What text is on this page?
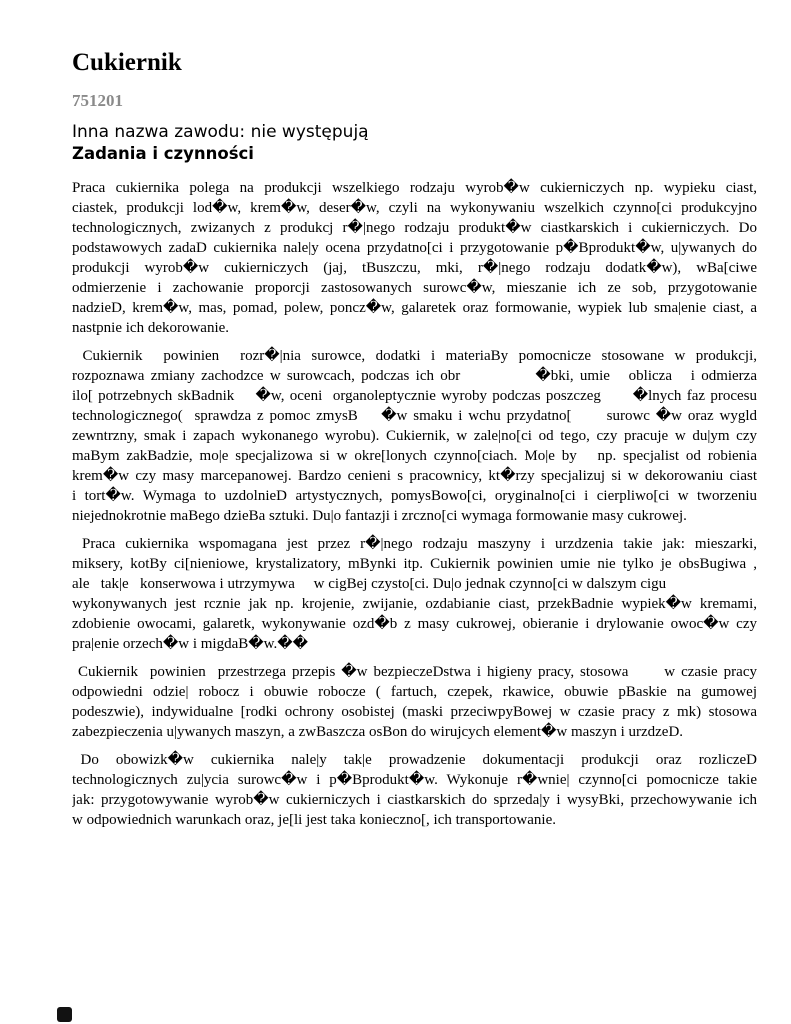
Cukiernik
751201
Inna nazwa zawodu: nie występują
Zadania i czynności
Praca cukiernika polega na produkcji wszelkiego rodzaju wyrob�w cukierniczych np. wypieku ciast,
ciastek, produkcji lod�w, krem�w, deser�w, czyli na wykonywaniu wszelkich czynno[ci produkcyjno
technologicznych, zwizanych z produkcj r�|nego rodzaju produkt�w ciastkarskich i cukierniczych. Do
podstawowych zadaD cukiernika nale|y ocena przydatno[ci i przygotowanie p�Bprodukt�w, u|ywanych do
produkcji wyrob�w cukierniczych (jaj, tBuszczu, mki, r�|nego rodzaju dodatk�w), wBa[ciwe
odmierzenie i zachowanie proporcji zastosowanych surowc�w, mieszanie ich ze sob, przygotowanie
nadzieD, krem�w, mas, pomad, polew, poncz�w, galaretek oraz formowanie, wypiek lub sma|enie ciast, a
nastpnie ich dekorowanie.
Cukiernik  powinien  rozr�|nia surowce, dodatki i materiaBy pomocnicze stosowane w produkcji,
rozpoznawa zmiany zachodzce w surowcach, podczas ich obr            �bki, umie   oblicza   i odmierza
ilo[ potrzebnych skBadnik    �w, oceni  organoleptycznie wyroby podczas poszczeg      �lnych faz procesu
technologicznego(  sprawdza z pomoc zmysB    �w smaku i wchu przydatno[      surowc �w oraz wygld
zewntrzny, smak i zapach wykonanego wyrobu). Cukiernik, w zale|no[ci od tego, czy pracuje w du|ym czy
maBym zakBadzie, mo|e specjalizowa si w okre[lonych czynno[ciach. Mo|e by   np. specjalist od robienia
krem�w czy masy marcepanowej. Bardzo cenieni s pracownicy, kt�rzy specjalizuj si w dekorowaniu ciast
i tort�w. Wymaga to uzdolnieD artystycznych, pomysBowo[ci, oryginalno[ci i cierpliwo[ci w tworzeniu
niejednokrotnie maBego dzieBa sztuki. Du|o fantazji i zrczno[ci wymaga formowanie masy cukrowej.
Praca cukiernika wspomagana jest przez r�|nego rodzaju maszyny i urzdzenia takie jak: mieszarki,
miksery, kotBy ci[nieniowe, krystalizatory, mBynki itp. Cukiernik powinien umie nie tylko je obsBugiwa ,
ale   tak|e   konserwowa i utrzymywa     w cigBej czysto[ci. Du|o jednak czynno[ci w dalszym cigu
wykonywanych jest rcznie jak np. krojenie, zwijanie, ozdabianie ciast, przekBadnie wypiek�w kremami,
zdobienie owocami, galaretk, wykonywanie ozd�b z masy cukrowej, obieranie i drylowanie owoc�w czy
pra|enie orzech�w i migdaB�w.��
Cukiernik  powinien  przestrzega przepis �w bezpieczeDstwa i higieny pracy, stosowa      w czasie pracy
odpowiedni odzie| robocz i obuwie robocze ( fartuch, czepek, rkawice, obuwie pBaskie na gumowej
podeszwie), indywidualne [rodki ochrony osobistej (maski przeciwpyBowej w czasie pracy z mk) stosowa
zabezpieczenia u|ywanych maszyn, a zwBaszcza osBon do wirujcych element�w maszyn i urzdzeD.
Do  obowizk�w  cukiernika  nale|y  tak|e  prowadzenie  dokumentacji  produkcji  oraz  rozliczeD
technologicznych zu|ycia surowc�w i p�Bprodukt�w. Wykonuje r�wnie| czynno[ci pomocnicze takie
jak: przygotowywanie wyrob�w cukierniczych i ciastkarskich do sprzeda|y i wysyBki, przechowywanie ich
w odpowiednich warunkach oraz, je[li jest taka konieczno[, ich transportowanie.
